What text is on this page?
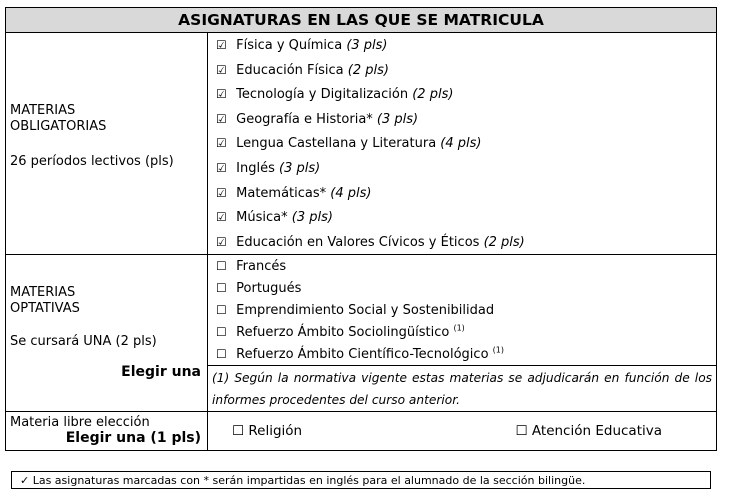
ASIGNATURAS EN LAS QUE SE MATRICULA
MATERIAS
OBLIGATORIAS
26 períodos lectivos (pls)
☑ Física y Química (3 pls)
☑ Educación Física (2 pls)
☑ Tecnología y Digitalización (2 pls)
☑ Geografía e Historia* (3 pls)
☑ Lengua Castellana y Literatura (4 pls)
☑ Inglés (3 pls)
☑ Matemáticas* (4 pls)
☑ Música* (3 pls)
☑ Educación en Valores Cívicos y Éticos (2 pls)
MATERIAS
OPTATIVAS
Se cursará UNA (2 pls)
Elegir una
☐ Francés
☐ Portugués
☐ Emprendimiento Social y Sostenibilidad
☐ Refuerzo Ámbito Sociolingüístico $^{(1)}$
☐ Refuerzo Ámbito Científico-Tecnológico $^{(1)}$
(1) Según la normativa vigente estas materias se adjudicarán en función de los informes procedentes del curso anterior.
Materia libre elección
Elegir una (1 pls) ☐ Religión	☐ Atención Educativa
✓ Las asignaturas marcadas con * serán impartidas en inglés para el alumnado de la sección bilingüe.
